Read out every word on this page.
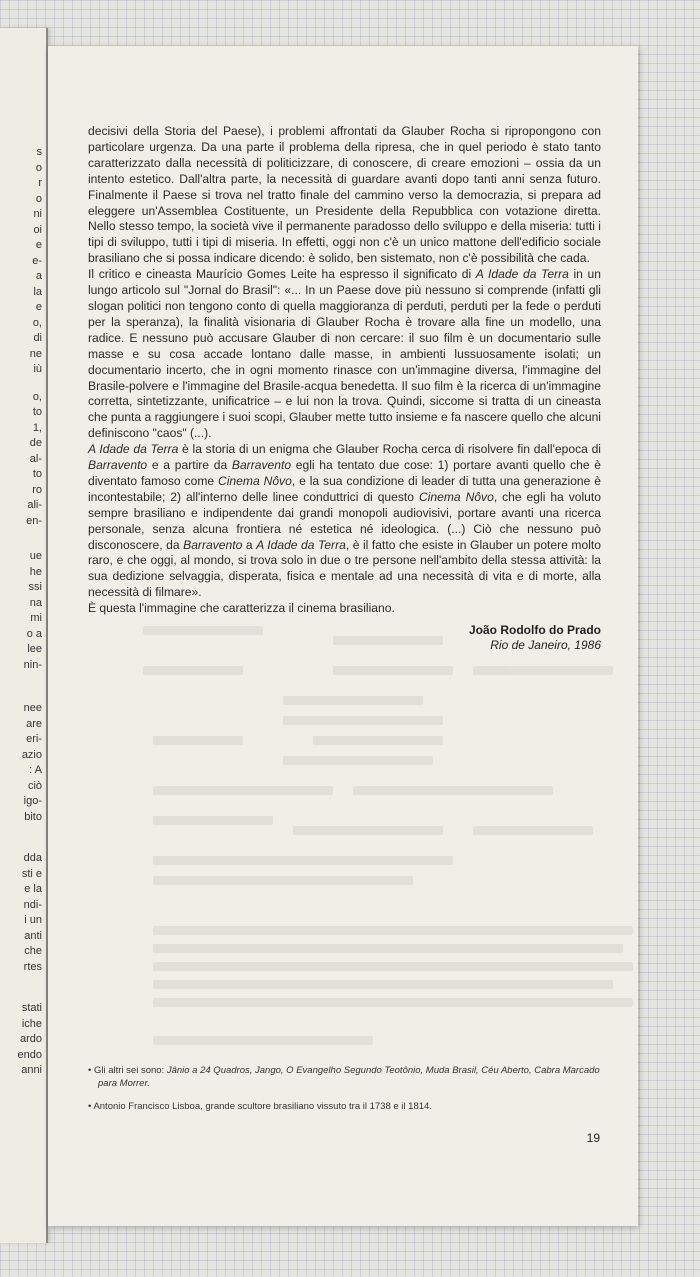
s
o
r
o
ni
oi
e
e-
a
la
e
o,
di
ne
iù
o,
to
1,
de
al-
to
ro
ali-
en-
ue
he
ssi
na
mi
o a
lee
nin-
nee
are
eri-
azio
: A
ciò
igo-
bito
dda
sti e
e la
ndi-
i un
anti
che
rtes
stati
iche
ardo
endo
anni

decisivi della Storia del Paese), i problemi affrontati da Glauber Rocha si ripropongono con particolare urgenza. Da una parte il problema della ripresa, che in quel periodo è stato tanto caratterizzato dalla necessità di politicizzare, di conoscere, di creare emozioni – ossia da un intento estetico. Dall'altra parte, la necessità di guardare avanti dopo tanti anni senza futuro. Finalmente il Paese si trova nel tratto finale del cammino verso la democrazia, si prepara ad eleggere un'Assemblea Costituente, un Presidente della Repubblica con votazione diretta. Nello stesso tempo, la società vive il permanente paradosso dello sviluppo e della miseria: tutti i tipi di sviluppo, tutti i tipi di miseria. In effetti, oggi non c'è un unico mattone dell'edificio sociale brasiliano che si possa indicare dicendo: è solido, ben sistemato, non c'è possibilità che cada.

Il critico e cineasta Maurício Gomes Leite ha espresso il significato di A Idade da Terra in un lungo articolo sul "Jornal do Brasil": «... In un Paese dove più nessuno si comprende (infatti gli slogan politici non tengono conto di quella maggioranza di perduti, perduti per la fede o perduti per la speranza), la finalità visionaria di Glauber Rocha è trovare alla fine un modello, una radice. E nessuno può accusare Glauber di non cercare: il suo film è un documentario sulle masse e su cosa accade lontano dalle masse, in ambienti lussuosamente isolati; un documentario incerto, che in ogni momento rinasce con un'immagine diversa, l'immagine del Brasile-polvere e l'immagine del Brasile-acqua benedetta. Il suo film è la ricerca di un'immagine corretta, sintetizzante, unificatrice – e lui non la trova. Quindi, siccome si tratta di un cineasta che punta a raggiungere i suoi scopi, Glauber mette tutto insieme e fa nascere quello che alcuni definiscono "caos" (...).

A Idade da Terra è la storia di un enigma che Glauber Rocha cerca di risolvere fin dall'epoca di Barravento e a partire da Barravento egli ha tentato due cose: 1) portare avanti quello che è diventato famoso come Cinema Nôvo, e la sua condizione di leader di tutta una generazione è incontestabile; 2) all'interno delle linee conduttrici di questo Cinema Nôvo, che egli ha voluto sempre brasiliano e indipendente dai grandi monopoli audiovisivi, portare avanti una ricerca personale, senza alcuna frontiera né estetica né ideologica. (...) Ciò che nessuno può disconoscere, da Barravento a A Idade da Terra, è il fatto che esiste in Glauber un potere molto raro, e che oggi, al mondo, si trova solo in due o tre persone nell'ambito della stessa attività: la sua dedizione selvaggia, disperata, fisica e mentale ad una necessità di vita e di morte, alla necessità di filmare».

È questa l'immagine che caratterizza il cinema brasiliano.

João Rodolfo do Prado
Rio de Janeiro, 1986

• Gli altri sei sono: Jânio a 24 Quadros, Jango, O Evangelho Segundo Teotônio, Muda Brasil, Céu Aberto, Cabra Marcado para Morrer.

• Antonio Francisco Lisboa, grande scultore brasiliano vissuto tra il 1738 e il 1814.

19
